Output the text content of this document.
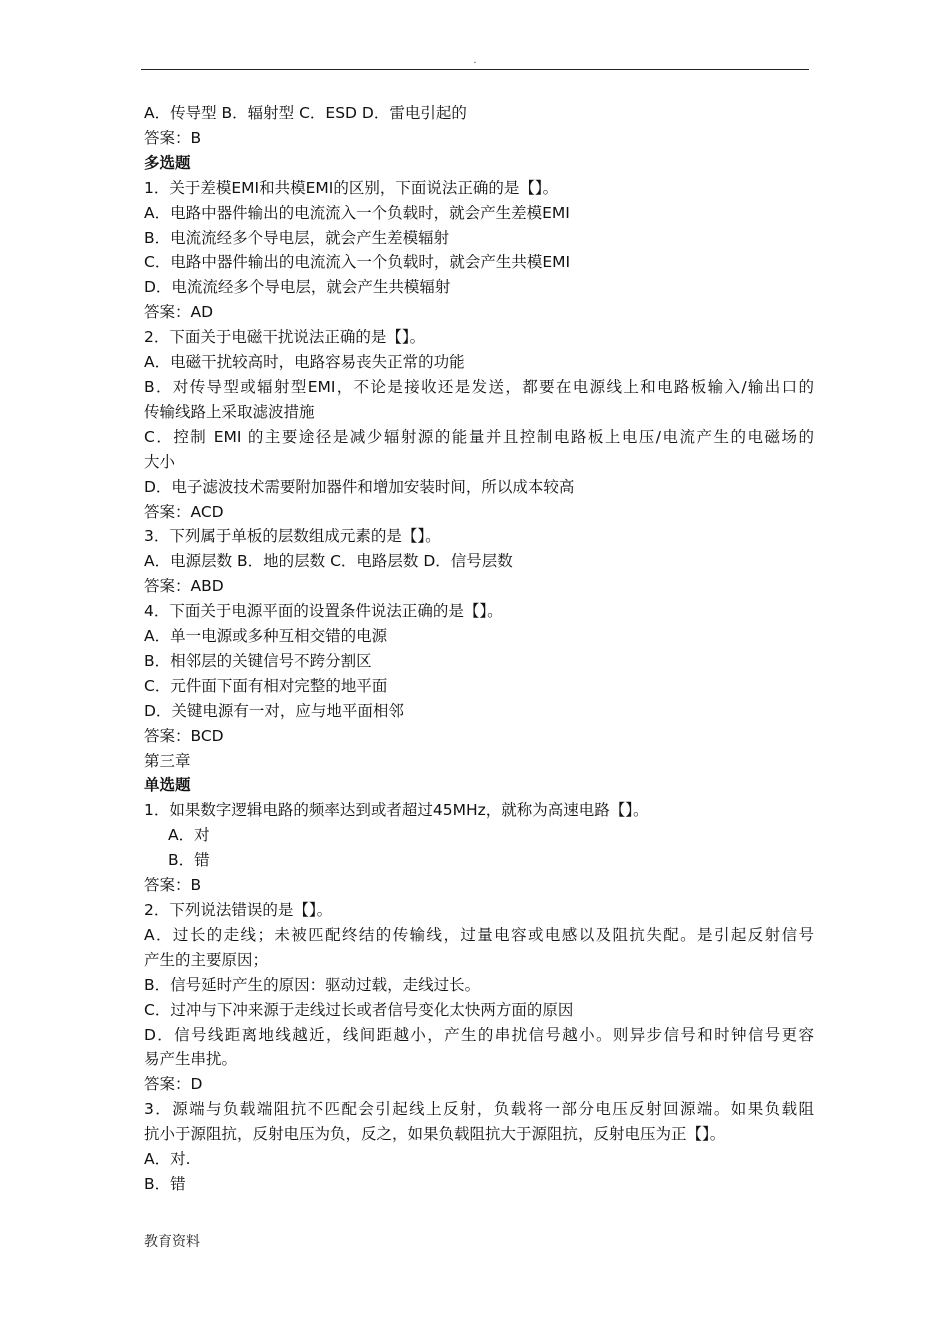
.
A．传导型 B．辐射型 C．ESD D．雷电引起的
答案：B
多选题
1．关于差模EMI和共模EMI的区别，下面说法正确的是【】。
A．电路中器件输出的电流流入一个负载时，就会产生差模EMI
B．电流流经多个导电层，就会产生差模辐射
C．电路中器件输出的电流流入一个负载时，就会产生共模EMI
D．电流流经多个导电层，就会产生共模辐射
答案：AD
2．下面关于电磁干扰说法正确的是【】。
A．电磁干扰较高时，电路容易丧失正常的功能
B．对传导型或辐射型EMI，不论是接收还是发送，都要在电源线上和电路板输入/输出口的
传输线路上采取滤波措施
C．控制 EMI 的主要途径是减少辐射源的能量并且控制电路板上电压/电流产生的电磁场的
大小
D．电子滤波技术需要附加器件和增加安装时间，所以成本较高
答案：ACD
3．下列属于单板的层数组成元素的是【】。
A．电源层数 B．地的层数 C．电路层数 D．信号层数
答案：ABD
4．下面关于电源平面的设置条件说法正确的是【】。
A．单一电源或多种互相交错的电源
B．相邻层的关键信号不跨分割区
C．元件面下面有相对完整的地平面
D．关键电源有一对，应与地平面相邻
答案：BCD
第三章
单选题
1．如果数字逻辑电路的频率达到或者超过45MHz，就称为高速电路【】。
A．对
B．错
答案：B
2．下列说法错误的是【】。
A．过长的走线；未被匹配终结的传输线，过量电容或电感以及阻抗失配。是引起反射信号
产生的主要原因；
B．信号延时产生的原因：驱动过载，走线过长。
C．过冲与下冲来源于走线过长或者信号变化太快两方面的原因
D．信号线距离地线越近，线间距越小，产生的串扰信号越小。则异步信号和时钟信号更容
易产生串扰。
答案：D
3．源端与负载端阻抗不匹配会引起线上反射，负载将一部分电压反射回源端。如果负载阻
抗小于源阻抗，反射电压为负，反之，如果负载阻抗大于源阻抗，反射电压为正【】。
A．对.
B．错
教育资料
